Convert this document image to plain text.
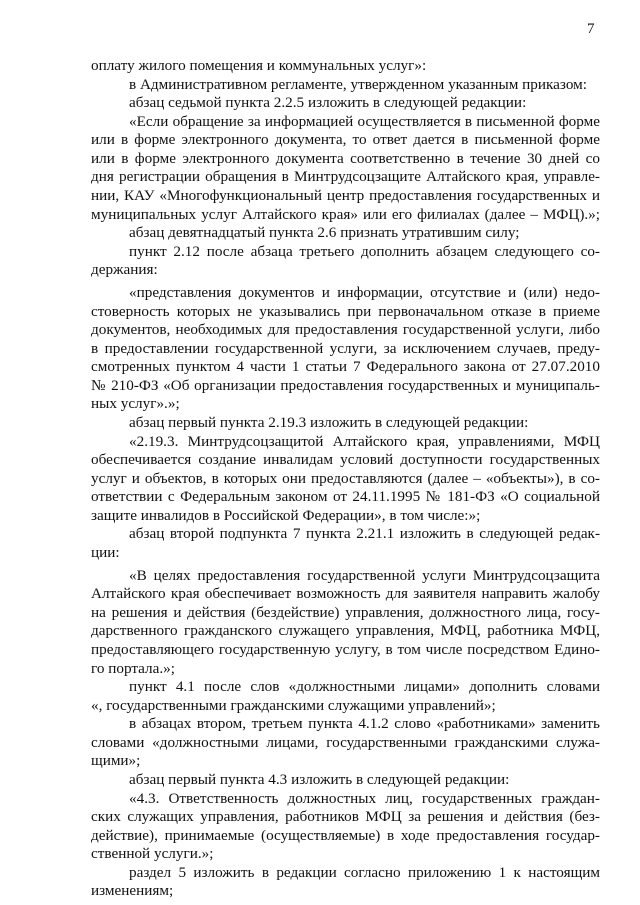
7
оплату жилого помещения и коммунальных услуг»:
в Административном регламенте, утвержденном указанным приказом:
абзац седьмой пункта 2.2.5 изложить в следующей редакции:
«Если обращение за информацией осуществляется в письменной форме
или в форме электронного документа, то ответ дается в письменной форме
или в форме электронного документа соответственно в течение 30 дней со
дня регистрации обращения в Минтрудсоцзащите Алтайского края, управле-
нии, КАУ «Многофункциональный центр предоставления государственных и
муниципальных услуг Алтайского края» или его филиалах (далее – МФЦ).»;
абзац девятнадцатый пункта 2.6 признать утратившим силу;
пункт 2.12 после абзаца третьего дополнить абзацем следующего со-
держания:
«представления документов и информации, отсутствие и (или) недо-
стоверность которых не указывались при первоначальном отказе в приеме
документов, необходимых для предоставления государственной услуги, либо
в предоставлении государственной услуги, за исключением случаев, преду-
смотренных пунктом 4 части 1 статьи 7 Федерального закона от 27.07.2010
№ 210-ФЗ «Об организации предоставления государственных и муниципаль-
ных услуг».»;
абзац первый пункта 2.19.3 изложить в следующей редакции:
«2.19.3. Минтрудсоцзащитой Алтайского края, управлениями, МФЦ
обеспечивается создание инвалидам условий доступности государственных
услуг и объектов, в которых они предоставляются (далее – «объекты»), в со-
ответствии с Федеральным законом от 24.11.1995 № 181-ФЗ «О социальной
защите инвалидов в Российской Федерации», в том числе:»;
абзац второй подпункта 7 пункта 2.21.1 изложить в следующей редак-
ции:
«В целях предоставления государственной услуги Минтрудсоцзащита
Алтайского края обеспечивает возможность для заявителя направить жалобу
на решения и действия (бездействие) управления, должностного лица, госу-
дарственного гражданского служащего управления, МФЦ, работника МФЦ,
предоставляющего государственную услугу, в том числе посредством Едино-
го портала.»;
пункт 4.1 после слов «должностными лицами» дополнить словами
«, государственными гражданскими служащими управлений»;
в абзацах втором, третьем пункта 4.1.2 слово «работниками» заменить
словами «должностными лицами, государственными гражданскими служа-
щими»;
абзац первый пункта 4.3 изложить в следующей редакции:
«4.3. Ответственность должностных лиц, государственных граждан-
ских служащих управления, работников МФЦ за решения и действия (без-
действие), принимаемые (осуществляемые) в ходе предоставления государ-
ственной услуги.»;
раздел 5 изложить в редакции согласно приложению 1 к настоящим
изменениям;
